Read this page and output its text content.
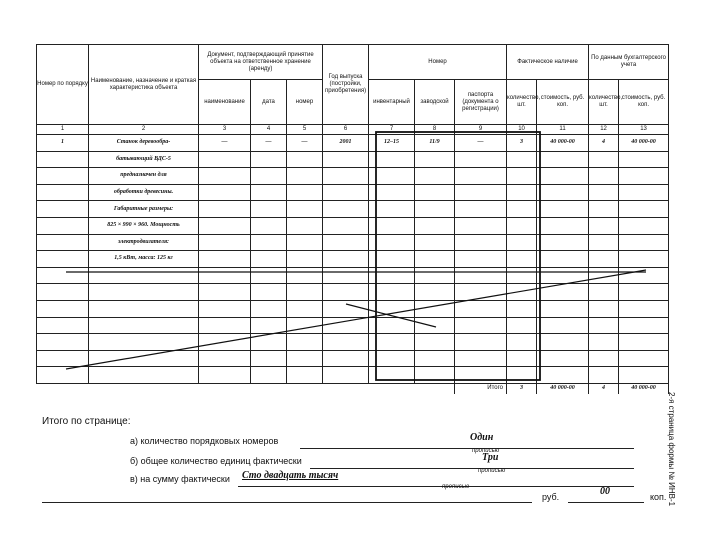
Номер по порядку	Наименование, назначение и краткая характеристика объекта	Документ, подтверждающий принятие объекта на ответственное хранение (аренду)			Год выпуска (постройки, приобретения)	Номер			Фактическое наличие		По данным бухгалтерского учета	
		наименование	дата	номер		инвентарный	заводской	паспорта (документа о регистрации)	количество, шт.	стоимость, руб. коп.	количество, шт.	стоимость, руб. коп.
1	2	3	4	5	6	7	8	9	10	11	12	13
1	Станок деревообра-	—	—	—	2001	12–15	11/9	—	3	40 000-00	4	40 000-00
	батывающий ВДС-5											
	предназначен для											
	обработки древесины.											
	Габаритные размеры:											
	825 × 990 × 960. Мощность											
	электродвигателя:											
	1,5 кВт, масса: 125 кг											

								Итого	3	40 000-00	4	40 000-00
2-я страница формы № ИНВ-1
Итого по странице:
а) количество порядковых номеров	Один
прописью
б) общее количество единиц фактически	Три
прописью
в) на сумму фактически Сто двадцать тысяч
прописью
руб.	00	коп.
